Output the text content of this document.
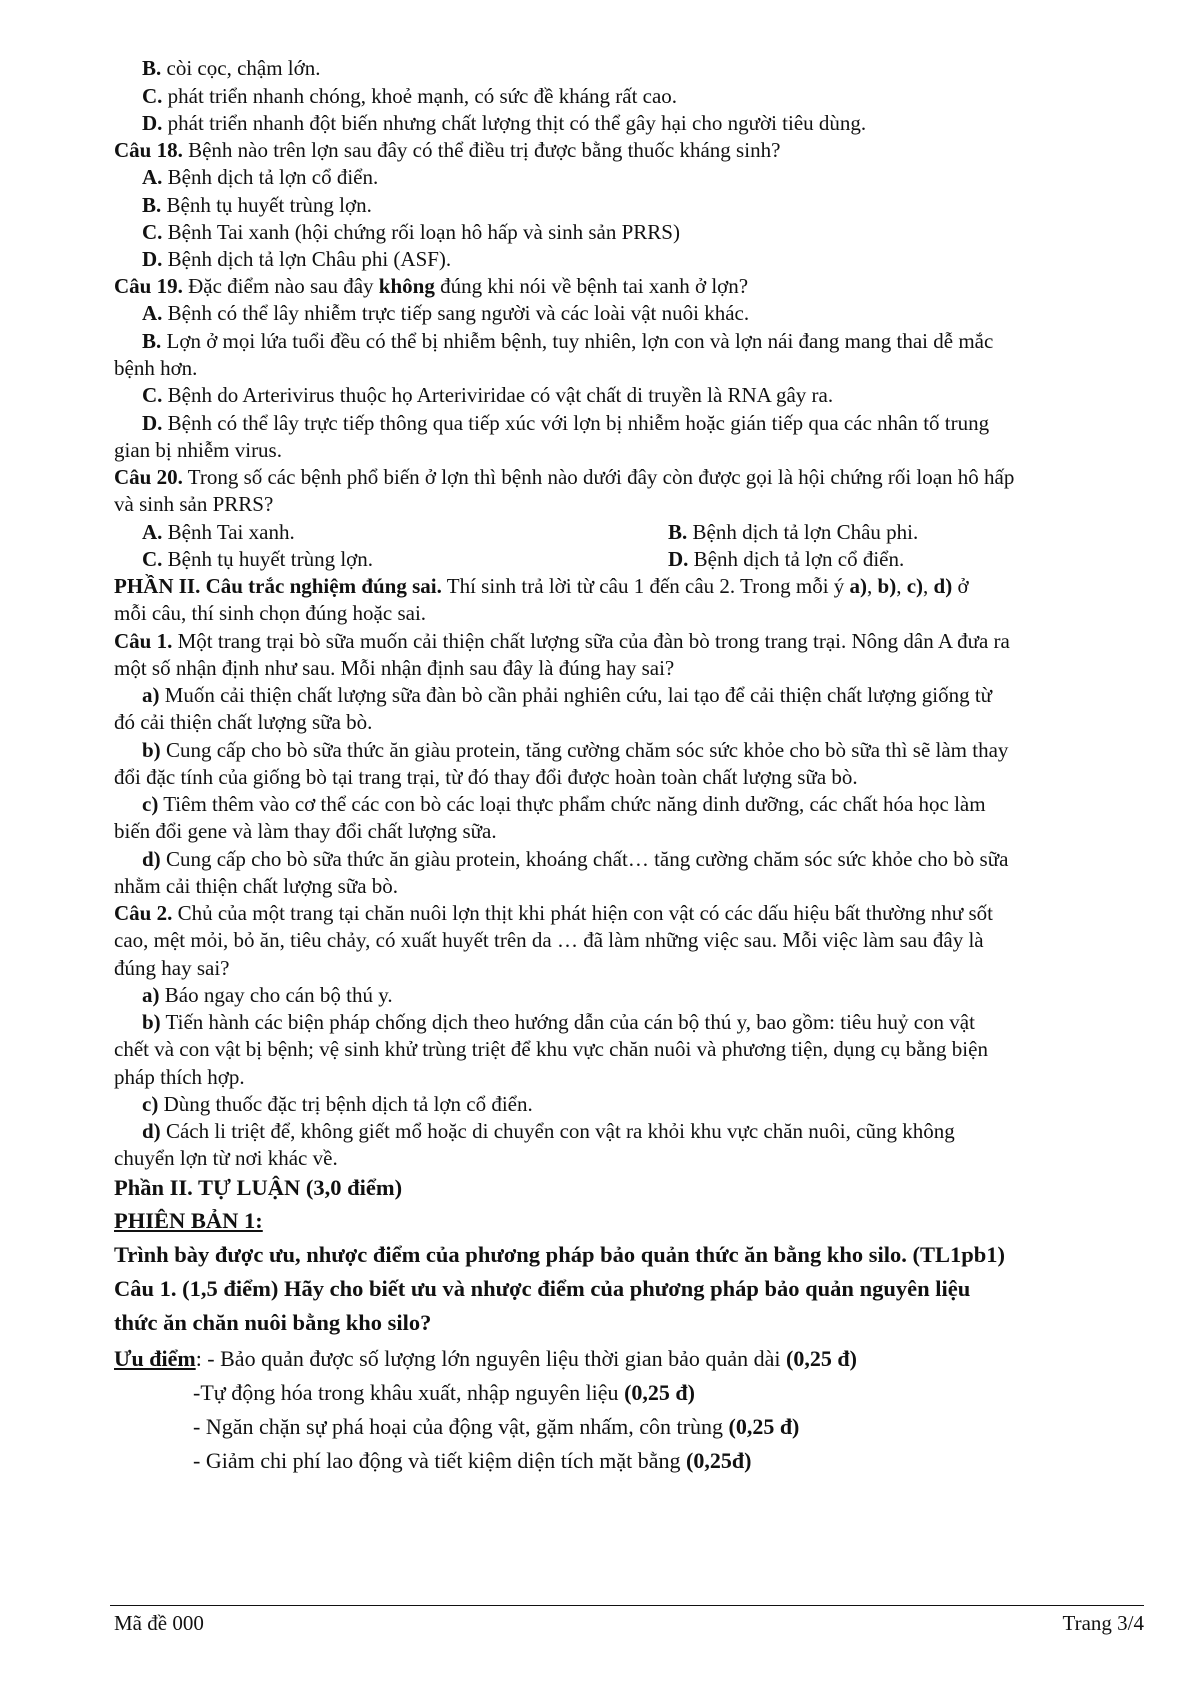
B. còi cọc, chậm lớn.
C. phát triển nhanh chóng, khoẻ mạnh, có sức đề kháng rất cao.
D. phát triển nhanh đột biến nhưng chất lượng thịt có thể gây hại cho người tiêu dùng.
Câu 18. Bệnh nào trên lợn sau đây có thể điều trị được bằng thuốc kháng sinh?
A. Bệnh dịch tả lợn cổ điển.
B. Bệnh tụ huyết trùng lợn.
C. Bệnh Tai xanh (hội chứng rối loạn hô hấp và sinh sản PRRS)
D. Bệnh dịch tả lợn Châu phi (ASF).
Câu 19. Đặc điểm nào sau đây không đúng khi nói về bệnh tai xanh ở lợn?
A. Bệnh có thể lây nhiễm trực tiếp sang người và các loài vật nuôi khác.
B. Lợn ở mọi lứa tuổi đều có thể bị nhiễm bệnh, tuy nhiên, lợn con và lợn nái đang mang thai dễ mắc
bệnh hơn.
C. Bệnh do Arterivirus thuộc họ Arteriviridae có vật chất di truyền là RNA gây ra.
D. Bệnh có thể lây trực tiếp thông qua tiếp xúc với lợn bị nhiễm hoặc gián tiếp qua các nhân tố trung
gian bị nhiễm virus.
Câu 20. Trong số các bệnh phổ biến ở lợn thì bệnh nào dưới đây còn được gọi là hội chứng rối loạn hô hấp
và sinh sản PRRS?
A. Bệnh Tai xanh.	B. Bệnh dịch tả lợn Châu phi.
C. Bệnh tụ huyết trùng lợn.	D. Bệnh dịch tả lợn cổ điển.
PHẦN II. Câu trắc nghiệm đúng sai. Thí sinh trả lời từ câu 1 đến câu 2. Trong mỗi ý a), b), c), d) ở
mỗi câu, thí sinh chọn đúng hoặc sai.
Câu 1. Một trang trại bò sữa muốn cải thiện chất lượng sữa của đàn bò trong trang trại. Nông dân A đưa ra
một số nhận định như sau. Mỗi nhận định sau đây là đúng hay sai?
a) Muốn cải thiện chất lượng sữa đàn bò cần phải nghiên cứu, lai tạo để cải thiện chất lượng giống từ
đó cải thiện chất lượng sữa bò.
b) Cung cấp cho bò sữa thức ăn giàu protein, tăng cường chăm sóc sức khỏe cho bò sữa thì sẽ làm thay
đổi đặc tính của giống bò tại trang trại, từ đó thay đổi được hoàn toàn chất lượng sữa bò.
c) Tiêm thêm vào cơ thể các con bò các loại thực phẩm chức năng dinh dưỡng, các chất hóa học làm
biến đổi gene và làm thay đổi chất lượng sữa.
d) Cung cấp cho bò sữa thức ăn giàu protein, khoáng chất… tăng cường chăm sóc sức khỏe cho bò sữa
nhằm cải thiện chất lượng sữa bò.
Câu 2. Chủ của một trang tại chăn nuôi lợn thịt khi phát hiện con vật có các dấu hiệu bất thường như sốt
cao, mệt mỏi, bỏ ăn, tiêu chảy, có xuất huyết trên da … đã làm những việc sau. Mỗi việc làm sau đây là
đúng hay sai?
a) Báo ngay cho cán bộ thú y.
b) Tiến hành các biện pháp chống dịch theo hướng dẫn của cán bộ thú y, bao gồm: tiêu huỷ con vật
chết và con vật bị bệnh; vệ sinh khử trùng triệt để khu vực chăn nuôi và phương tiện, dụng cụ bằng biện
pháp thích hợp.
c) Dùng thuốc đặc trị bệnh dịch tả lợn cổ điển.
d) Cách li triệt để, không giết mổ hoặc di chuyển con vật ra khỏi khu vực chăn nuôi, cũng không
chuyển lợn từ nơi khác về.
Phần II. TỰ LUẬN (3,0 điểm)
PHIÊN BẢN 1:
Trình bày được ưu, nhược điểm của phương pháp bảo quản thức ăn bằng kho silo. (TL1pb1)
Câu 1. (1,5 điểm) Hãy cho biết ưu và nhược điểm của phương pháp bảo quản nguyên liệu
thức ăn chăn nuôi bằng kho silo?
Ưu điểm: - Bảo quản được số lượng lớn nguyên liệu thời gian bảo quản dài (0,25 đ)
-Tự động hóa trong khâu xuất, nhập nguyên liệu (0,25 đ)
- Ngăn chặn sự phá hoại của động vật, gặm nhấm, côn trùng (0,25 đ)
- Giảm chi phí lao động và tiết kiệm diện tích mặt bằng (0,25đ)
Mã đề 000	Trang 3/4
